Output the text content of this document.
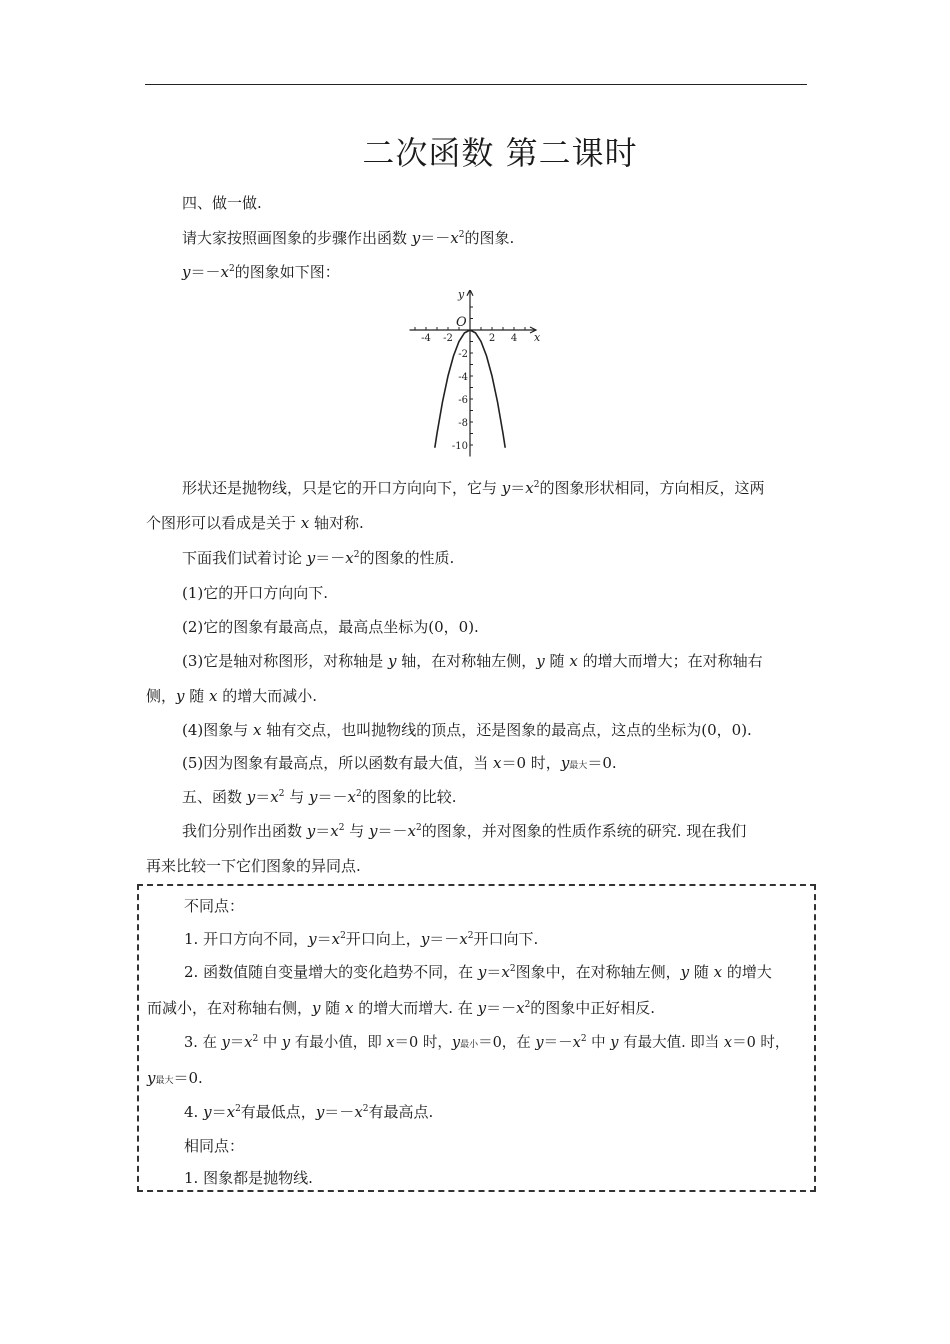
二次函数 第二课时
四、做一做.
请大家按照画图象的步骤作出函数 $y=-x^2$的图象.
$y=-x^2$的图象如下图：
-4 -2	2 4
-2
-4
-6
-8
-10
x
y
O
形状还是抛物线，只是它的开口方向向下，它与 $y=x^2$的图象形状相同，方向相反，这两
个图形可以看成是关于 x 轴对称.
下面我们试着讨论 $y=-x^2$的图象的性质.
(1)它的开口方向向下.
(2)它的图象有最高点，最高点坐标为(0，0).
(3)它是轴对称图形，对称轴是 y 轴，在对称轴左侧，y 随 x 的增大而增大；在对称轴右
侧，y 随 x 的增大而减小.
(4)图象与 x 轴有交点，也叫抛物线的顶点，还是图象的最高点，这点的坐标为(0，0).
(5)因为图象有最高点，所以函数有最大值，当 x＝0 时，y最大＝0.
五、函数 $y=x^2$ 与 $y=-x^2$的图象的比较.
我们分别作出函数 $y=x^2$ 与 $y=-x^2$的图象，并对图象的性质作系统的研究. 现在我们
再来比较一下它们图象的异同点.
不同点：
1. 开口方向不同，$y=x^2$开口向上，$y=-x^2$开口向下.
2. 函数值随自变量增大的变化趋势不同，在 $y=x^2$图象中，在对称轴左侧，y 随 x 的增大
而减小，在对称轴右侧，y 随 x 的增大而增大. 在 $y=-x^2$的图象中正好相反.
3. 在 $y=x^2$ 中 y 有最小值，即 x＝0 时，y最小＝0，在 $y=-x^2$ 中 y 有最大值. 即当 x＝0 时，
y最大＝0.
4. $y=x^2$有最低点，$y=-x^2$有最高点.
相同点：
1. 图象都是抛物线.
